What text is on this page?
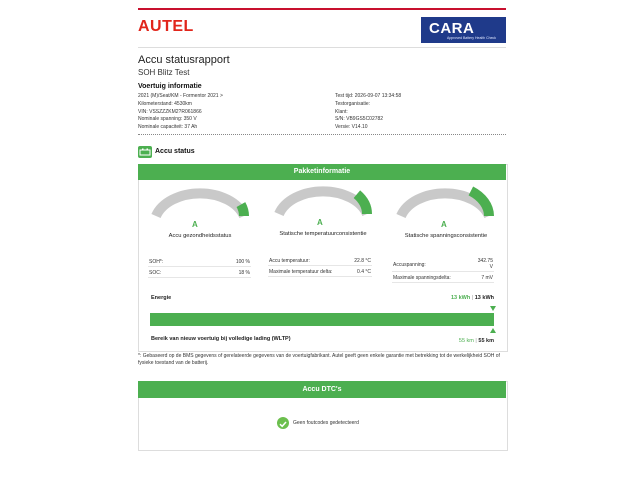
AUTEL	CARA
Approved Battery Health Check
Accu statusrapport
SOH Blitz Test
Voertuig informatie
2021 (M)/Seat/KM - Formentor 2021 >
Kilometerstand: 4530km
VIN: VSSZZZKM2?R061866
Nominale spanning: 350 V
Nominale capaciteit: 37 Ah
Test tijd: 2026-09-07 13:34:58
Testorganisatie:
Klant:
S/N: VB9GS5C02782
Versie: V14.10
Accu status
Pakketinformatie
A
Accu gezondheidsstatus
A
Statische temperatuurconsistentie
A
Statische spanningsconsistentie
SOH*:	100 %
SOC:	18 %
Accu temperatuur:	22.8 °C
Maximale temperatuur delta:	0.4 °C
Accuspanning:
342.75
V
Maximale spanningsdelta:	7 mV
Energie	13 kWh | 13 kWh
Bereik van nieuw voertuig bij volledige lading (WLTP)	55 km | 55 km
*: Gebaseerd op de BMS gegevens of gerelateerde gegevens van de voertuigfabrikant. Autel geeft geen enkele garantie met betrekking tot de werkelijkheid SOH of fysieke toestand van de batterij.
Accu DTC's
Geen foutcodes gedetecteerd
